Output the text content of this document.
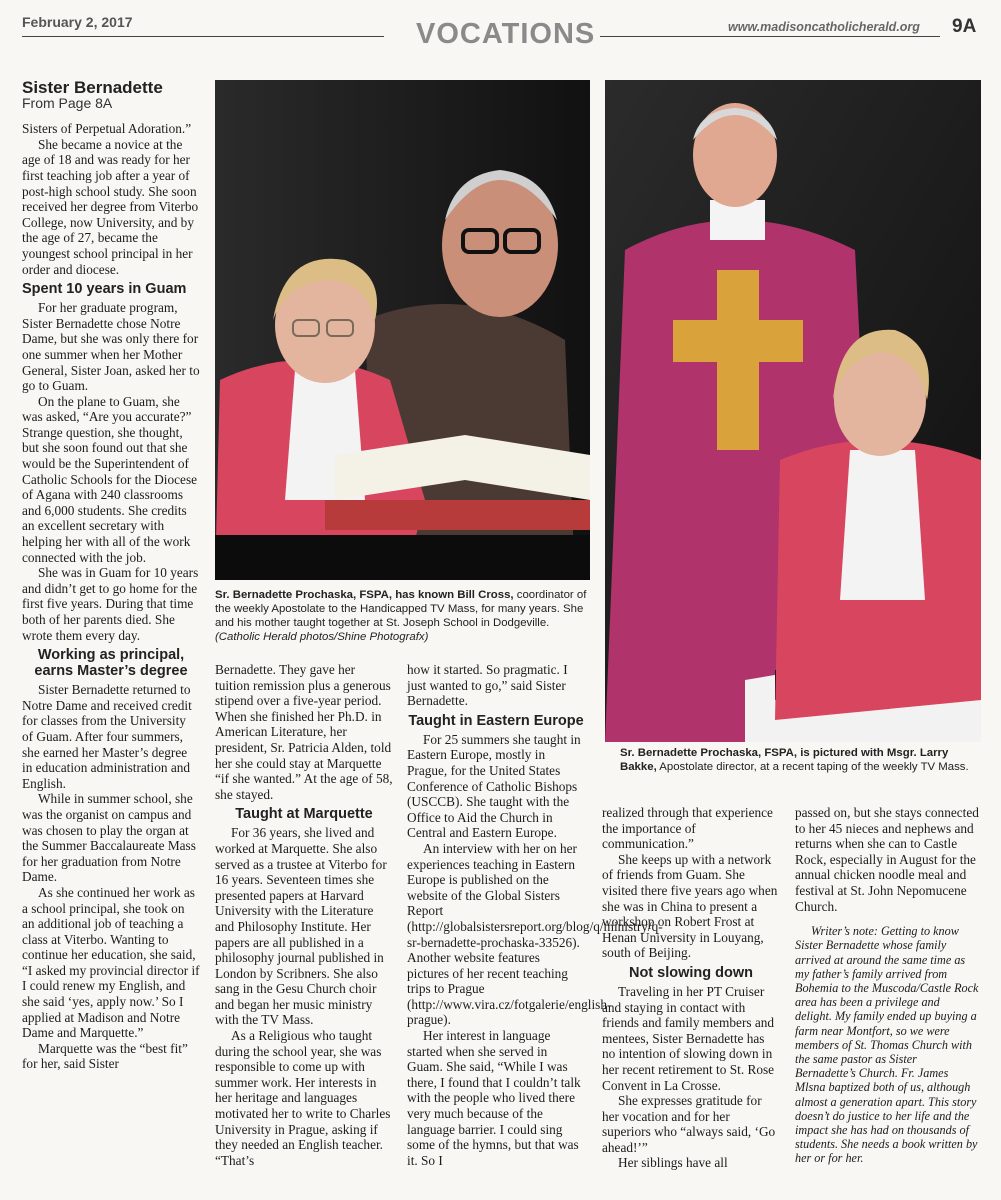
February 2, 2017	VOCATIONS	www.madisoncatholicherald.org 9A
Sister Bernadette
From Page 8A

Sisters of Perpetual Adoration.”

She became a novice at the age of 18 and was ready for her first teaching job after a year of post-high school study. She soon received her degree from Viterbo College, now University, and by the age of 27, became the youngest school principal in her order and diocese.

Spent 10 years in Guam

For her graduate program, Sister Bernadette chose Notre Dame, but she was only there for one summer when her Mother General, Sister Joan, asked her to go to Guam.

On the plane to Guam, she was asked, “Are you accurate?” Strange question, she thought, but she soon found out that she would be the Superintendent of Catholic Schools for the Diocese of Agana with 240 classrooms and 6,000 students. She credits an excellent secretary with helping her with all of the work connected with the job.

She was in Guam for 10 years and didn’t get to go home for the first five years. During that time both of her parents died. She wrote them every day.

Working as principal, earns Master’s degree

Sister Bernadette returned to Notre Dame and received credit for classes from the University of Guam. After four summers, she earned her Master’s degree in education administration and English.

While in summer school, she was the organist on campus and was chosen to play the organ at the Summer Baccalaureate Mass for her graduation from Notre Dame.

As she continued her work as a school principal, she took on an additional job of teaching a class at Viterbo. Wanting to continue her education, she said, “I asked my provincial director if I could renew my English, and she said ‘yes, apply now.’ So I applied at Madison and Notre Dame and Marquette.”

Marquette was the “best fit” for her, said Sister

Sr. Bernadette Prochaska, FSPA, has known Bill Cross, coordinator of the weekly Apostolate to the Handicapped TV Mass, for many years. She and his mother taught together at St. Joseph School in Dodgeville. (Catholic Herald photos/Shine Photografx)
Sr. Bernadette Prochaska, FSPA, is pictured with Msgr. Larry Bakke, Apostolate director, at a recent taping of the weekly TV Mass.

Bernadette. They gave her tuition remission plus a generous stipend over a five-year period. When she finished her Ph.D. in American Literature, her president, Sr. Patricia Alden, told her she could stay at Marquette “if she wanted.” At the age of 58, she stayed.

Taught at Marquette

For 36 years, she lived and worked at Marquette. She also served as a trustee at Viterbo for 16 years. Seventeen times she presented papers at Harvard University with the Literature and Philosophy Institute. Her papers are all published in a philosophy journal published in London by Scribners. She also sang in the Gesu Church choir and began her music ministry with the TV Mass.

As a Religious who taught during the school year, she was responsible to come up with summer work. Her interests in her heritage and languages motivated her to write to Charles University in Prague, asking if they needed an English teacher. “That’s

how it started. So pragmatic. I just wanted to go,” said Sister Bernadette.

Taught in Eastern Europe

For 25 summers she taught in Eastern Europe, mostly in Prague, for the United States Conference of Catholic Bishops (USCCB). She taught with the Office to Aid the Church in Central and Eastern Europe.

An interview with her on her experiences teaching in Eastern Europe is published on the website of the Global Sisters Report (http://globalsistersreport.org/blog/q/ministry/q-sr-bernadette-prochaska-33526). Another website features pictures of her recent teaching trips to Prague (http://www.vira.cz/fotgalerie/english-prague).

Her interest in language started when she served in Guam. She said, “While I was there, I found that I couldn’t talk with the people who lived there very much because of the language barrier. I could sing some of the hymns, but that was it. So I

realized through that experience the importance of communication.”

She keeps up with a network of friends from Guam. She visited there five years ago when she was in China to present a workshop on Robert Frost at Henan University in Louyang, south of Beijing.

Not slowing down

Traveling in her PT Cruiser and staying in contact with friends and family members and mentees, Sister Bernadette has no intention of slowing down in her recent retirement to St. Rose Convent in La Crosse.

She expresses gratitude for her vocation and for her superiors who “always said, ‘Go ahead!’”

Her siblings have all

passed on, but she stays connected to her 45 nieces and nephews and returns when she can to Castle Rock, especially in August for the annual chicken noodle meal and festival at St. John Nepomucene Church.

Writer’s note: Getting to know Sister Bernadette whose family arrived at around the same time as my father’s family arrived from Bohemia to the Muscoda/Castle Rock area has been a privilege and delight. My family ended up buying a farm near Montfort, so we were members of St. Thomas Church with the same pastor as Sister Bernadette’s Church. Fr. James Mlsna baptized both of us, although almost a generation apart. This story doesn’t do justice to her life and the impact she has had on thousands of students. She needs a book written by her or for her.
